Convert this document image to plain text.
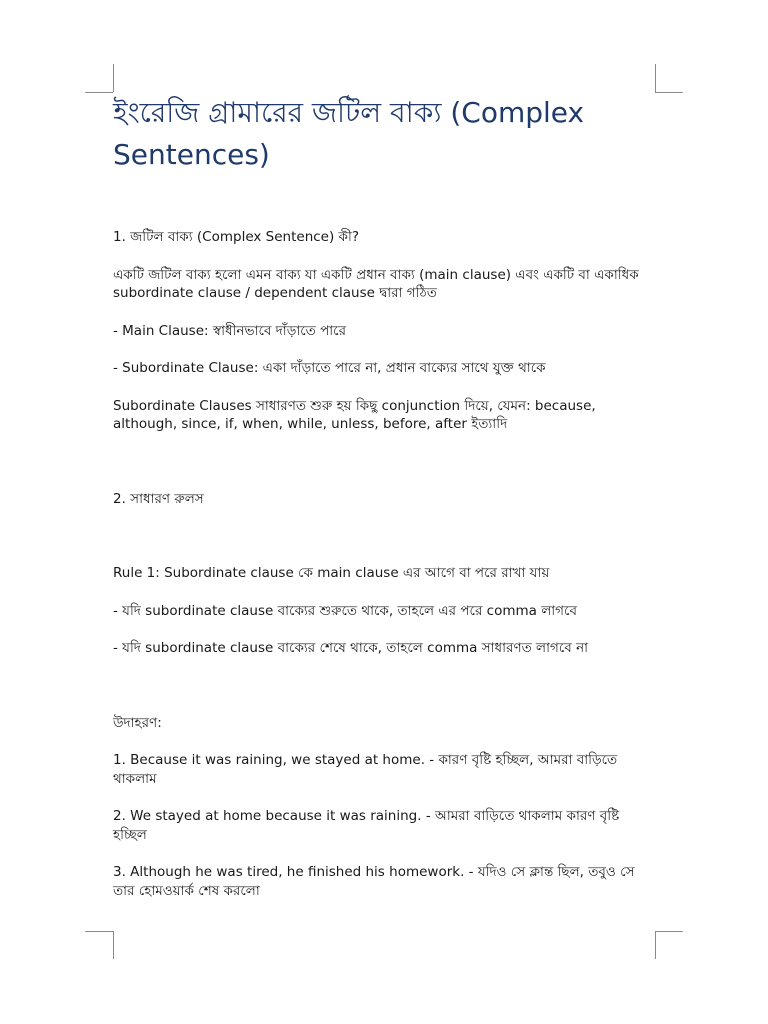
ইংরেজি গ্রামারের জটিল বাক্য (Complex Sentences)

1. জটিল বাক্য (Complex Sentence) কী?

একটি জটিল বাক্য হলো এমন বাক্য যা একটি প্রধান বাক্য (main clause) এবং একটি বা একাধিক subordinate clause / dependent clause দ্বারা গঠিত

- Main Clause: স্বাধীনভাবে দাঁড়াতে পারে

- Subordinate Clause: একা দাঁড়াতে পারে না, প্রধান বাক্যের সাথে যুক্ত থাকে

Subordinate Clauses সাধারণত শুরু হয় কিছু conjunction দিয়ে, যেমন: because, although, since, if, when, while, unless, before, after ইত্যাদি

2. সাধারণ রুলস

Rule 1: Subordinate clause কে main clause এর আগে বা পরে রাখা যায়

- যদি subordinate clause বাক্যের শুরুতে থাকে, তাহলে এর পরে comma লাগবে

- যদি subordinate clause বাক্যের শেষে থাকে, তাহলে comma সাধারণত লাগবে না

উদাহরণ:

1. Because it was raining, we stayed at home. - কারণ বৃষ্টি হচ্ছিল, আমরা বাড়িতে থাকলাম

2. We stayed at home because it was raining. - আমরা বাড়িতে থাকলাম কারণ বৃষ্টি হচ্ছিল

3. Although he was tired, he finished his homework. - যদিও সে ক্লান্ত ছিল, তবুও সে তার হোমওয়ার্ক শেষ করলো
